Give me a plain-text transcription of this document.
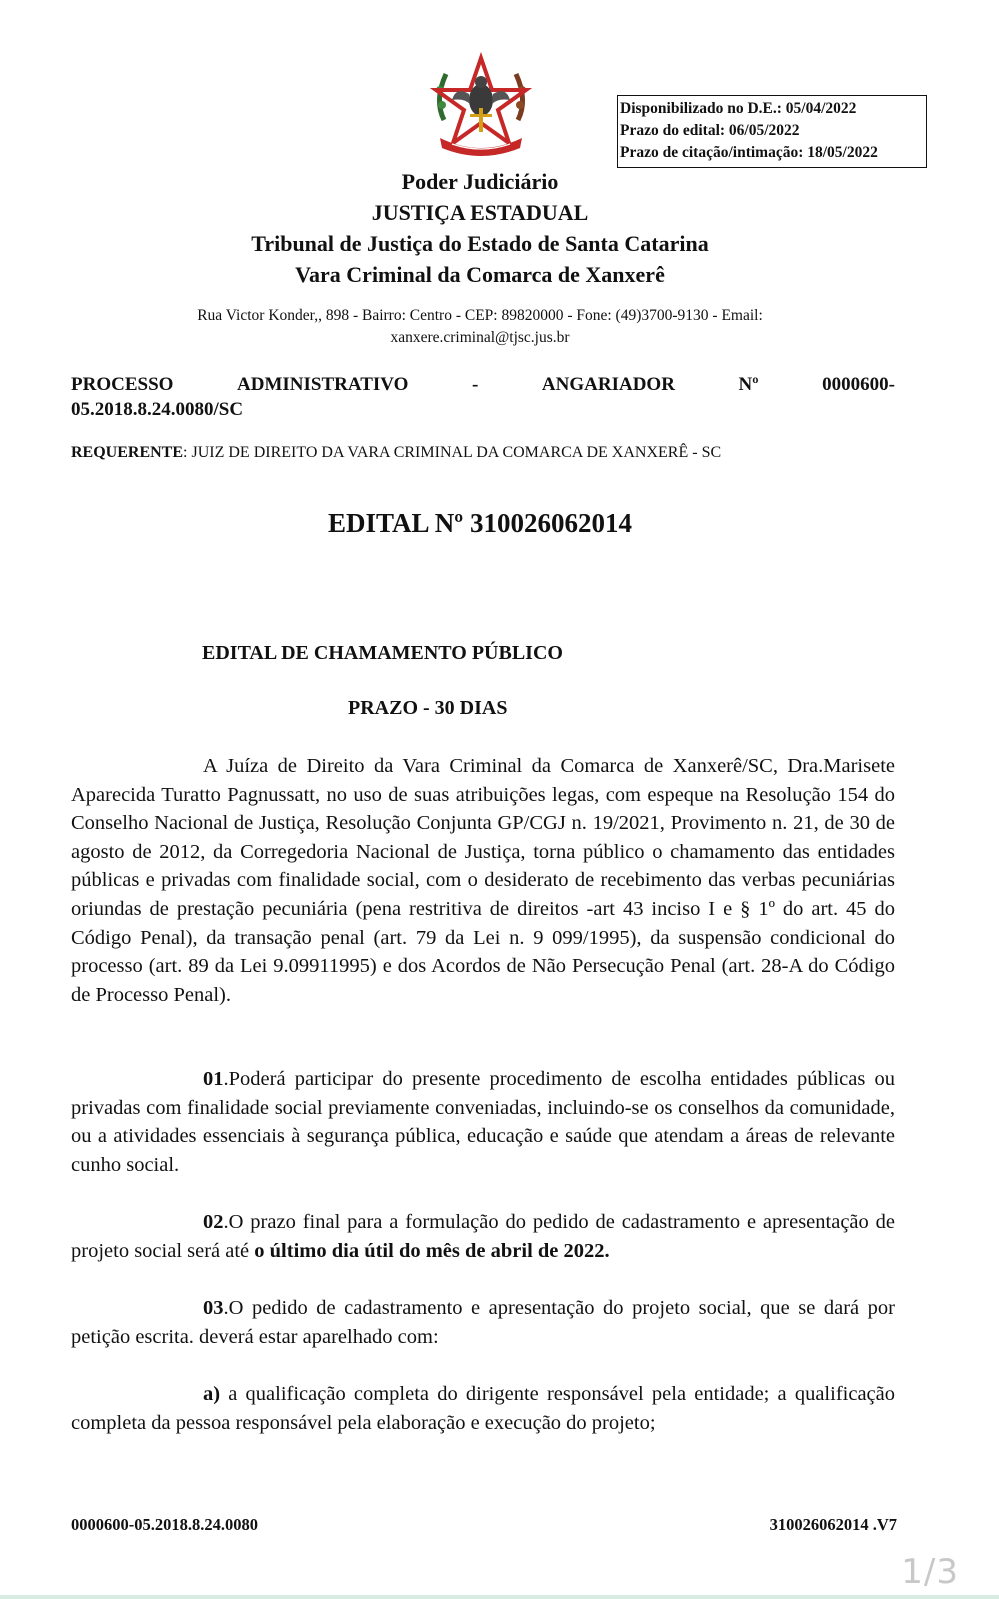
Disponibilizado no D.E.: 05/04/2022
Prazo do edital: 06/05/2022
Prazo de citação/intimação: 18/05/2022
Poder Judiciário
JUSTIÇA ESTADUAL
Tribunal de Justiça do Estado de Santa Catarina
Vara Criminal da Comarca de Xanxerê
Rua Victor Konder,, 898 - Bairro: Centro - CEP: 89820000 - Fone: (49)3700-9130 - Email:
xanxere.criminal@tjsc.jus.br
PROCESSO	ADMINISTRATIVO	-	ANGARIADOR	Nº	0000600-
05.2018.8.24.0080/SC
REQUERENTE: JUIZ DE DIREITO DA VARA CRIMINAL DA COMARCA DE XANXERÊ - SC
EDITAL Nº 310026062014
EDITAL DE CHAMAMENTO PÚBLICO
PRAZO - 30 DIAS
A Juíza de Direito da Vara Criminal da Comarca de Xanxerê/SC, Dra.Marisete Aparecida Turatto Pagnussatt, no uso de suas atribuições legas, com espeque na Resolução 154 do Conselho Nacional de Justiça, Resolução Conjunta GP/CGJ n. 19/2021, Provimento n. 21, de 30 de agosto de 2012, da Corregedoria Nacional de Justiça, torna público o chamamento das entidades públicas e privadas com finalidade social, com o desiderato de recebimento das verbas pecuniárias oriundas de prestação pecuniária (pena restritiva de direitos -art 43 inciso I e § 1º do art. 45 do Código Penal), da transação penal (art. 79 da Lei n. 9 099/1995), da suspensão condicional do processo (art. 89 da Lei 9.09911995) e dos Acordos de Não Persecução Penal (art. 28-A do Código de Processo Penal).
01.Poderá participar do presente procedimento de escolha entidades públicas ou privadas com finalidade social previamente conveniadas, incluindo-se os conselhos da comunidade, ou a atividades essenciais à segurança pública, educação e saúde que atendam a áreas de relevante cunho social.
02.O prazo final para a formulação do pedido de cadastramento e apresentação de projeto social será até o último dia útil do mês de abril de 2022.
03.O pedido de cadastramento e apresentação do projeto social, que se dará por petição escrita. deverá estar aparelhado com:
a) a qualificação completa do dirigente responsável pela entidade; a qualificação completa da pessoa responsável pela elaboração e execução do projeto;
0000600-05.2018.8.24.0080	310026062014 .V7
1/3
